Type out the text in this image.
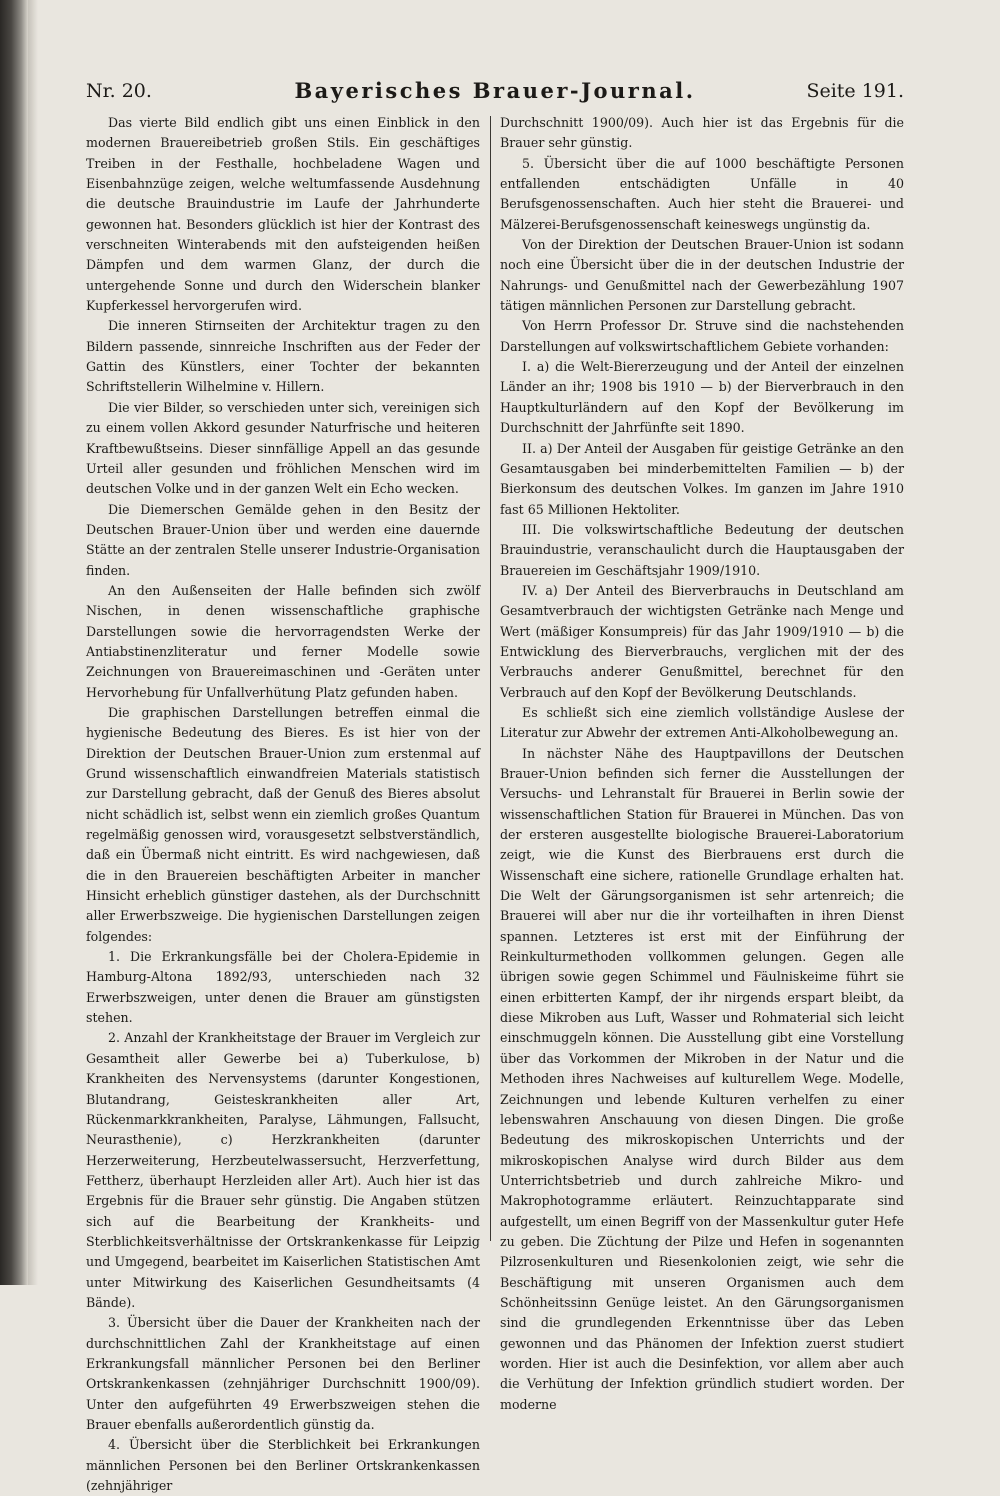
Nr. 20.	Bayerisches Brauer-Journal.	Seite 191.

Das vierte Bild endlich gibt uns einen Einblick in den modernen Brauereibetrieb großen Stils. Ein geschäftiges Treiben in der Festhalle, hochbeladene Wagen und Eisenbahnzüge zeigen, welche weltumfassende Ausdehnung die deutsche Brauindustrie im Laufe der Jahrhunderte gewonnen hat. Besonders glücklich ist hier der Kontrast des verschneiten Winterabends mit den aufsteigenden heißen Dämpfen und dem warmen Glanz, der durch die untergehende Sonne und durch den Widerschein blanker Kupferkessel hervorgerufen wird.

Die inneren Stirnseiten der Architektur tragen zu den Bildern passende, sinnreiche Inschriften aus der Feder der Gattin des Künstlers, einer Tochter der bekannten Schriftstellerin Wilhelmine v. Hillern.

Die vier Bilder, so verschieden unter sich, vereinigen sich zu einem vollen Akkord gesunder Naturfrische und heiteren Kraftbewußtseins. Dieser sinnfällige Appell an das gesunde Urteil aller gesunden und fröhlichen Menschen wird im deutschen Volke und in der ganzen Welt ein Echo wecken.

Die Diemerschen Gemälde gehen in den Besitz der Deutschen Brauer-Union über und werden eine dauernde Stätte an der zentralen Stelle unserer Industrie-Organisation finden.

An den Außenseiten der Halle befinden sich zwölf Nischen, in denen wissenschaftliche graphische Darstellungen sowie die hervorragendsten Werke der Antiabstinenzliteratur und ferner Modelle sowie Zeichnungen von Brauereimaschinen und -Geräten unter Hervorhebung für Unfallverhütung Platz gefunden haben.

Die graphischen Darstellungen betreffen einmal die hygienische Bedeutung des Bieres. Es ist hier von der Direktion der Deutschen Brauer-Union zum erstenmal auf Grund wissenschaftlich einwandfreien Materials statistisch zur Darstellung gebracht, daß der Genuß des Bieres absolut nicht schädlich ist, selbst wenn ein ziemlich großes Quantum regelmäßig genossen wird, vorausgesetzt selbstverständlich, daß ein Übermaß nicht eintritt. Es wird nachgewiesen, daß die in den Brauereien beschäftigten Arbeiter in mancher Hinsicht erheblich günstiger dastehen, als der Durchschnitt aller Erwerbszweige. Die hygienischen Darstellungen zeigen folgendes:

1. Die Erkrankungsfälle bei der Cholera-Epidemie in Hamburg-Altona 1892/93, unterschieden nach 32 Erwerbszweigen, unter denen die Brauer am günstigsten stehen.

2. Anzahl der Krankheitstage der Brauer im Vergleich zur Gesamtheit aller Gewerbe bei a) Tuberkulose, b) Krankheiten des Nervensystems (darunter Kongestionen, Blutandrang, Geisteskrankheiten aller Art, Rückenmarkkrankheiten, Paralyse, Lähmungen, Fallsucht, Neurasthenie), c) Herzkrankheiten (darunter Herzerweiterung, Herzbeutelwassersucht, Herzverfettung, Fettherz, überhaupt Herzleiden aller Art). Auch hier ist das Ergebnis für die Brauer sehr günstig. Die Angaben stützen sich auf die Bearbeitung der Krankheits- und Sterblichkeitsverhältnisse der Ortskrankenkasse für Leipzig und Umgegend, bearbeitet im Kaiserlichen Statistischen Amt unter Mitwirkung des Kaiserlichen Gesundheitsamts (4 Bände).

3. Übersicht über die Dauer der Krankheiten nach der durchschnittlichen Zahl der Krankheitstage auf einen Erkrankungsfall männlicher Personen bei den Berliner Ortskrankenkassen (zehnjähriger Durchschnitt 1900/09). Unter den aufgeführten 49 Erwerbszweigen stehen die Brauer ebenfalls außerordentlich günstig da.

4. Übersicht über die Sterblichkeit bei Erkrankungen männlichen Personen bei den Berliner Ortskrankenkassen (zehnjähriger

Durchschnitt 1900/09). Auch hier ist das Ergebnis für die Brauer sehr günstig.

5. Übersicht über die auf 1000 beschäftigte Personen entfallenden entschädigten Unfälle in 40 Berufsgenossenschaften. Auch hier steht die Brauerei- und Mälzerei-Berufsgenossenschaft keineswegs ungünstig da.

Von der Direktion der Deutschen Brauer-Union ist sodann noch eine Übersicht über die in der deutschen Industrie der Nahrungs- und Genußmittel nach der Gewerbezählung 1907 tätigen männlichen Personen zur Darstellung gebracht.

Von Herrn Professor Dr. Struve sind die nachstehenden Darstellungen auf volkswirtschaftlichem Gebiete vorhanden:

I. a) die Welt-Biererzeugung und der Anteil der einzelnen Länder an ihr; 1908 bis 1910 — b) der Bierverbrauch in den Hauptkulturländern auf den Kopf der Bevölkerung im Durchschnitt der Jahrfünfte seit 1890.

II. a) Der Anteil der Ausgaben für geistige Getränke an den Gesamtausgaben bei minderbemittelten Familien — b) der Bierkonsum des deutschen Volkes. Im ganzen im Jahre 1910 fast 65 Millionen Hektoliter.

III. Die volkswirtschaftliche Bedeutung der deutschen Brauindustrie, veranschaulicht durch die Hauptausgaben der Brauereien im Geschäftsjahr 1909/1910.

IV. a) Der Anteil des Bierverbrauchs in Deutschland am Gesamtverbrauch der wichtigsten Getränke nach Menge und Wert (mäßiger Konsumpreis) für das Jahr 1909/1910 — b) die Entwicklung des Bierverbrauchs, verglichen mit der des Verbrauchs anderer Genußmittel, berechnet für den Verbrauch auf den Kopf der Bevölkerung Deutschlands.

Es schließt sich eine ziemlich vollständige Auslese der Literatur zur Abwehr der extremen Anti-Alkoholbewegung an.

In nächster Nähe des Hauptpavillons der Deutschen Brauer-Union befinden sich ferner die Ausstellungen der Versuchs- und Lehranstalt für Brauerei in Berlin sowie der wissenschaftlichen Station für Brauerei in München. Das von der ersteren ausgestellte biologische Brauerei-Laboratorium zeigt, wie die Kunst des Bierbrauens erst durch die Wissenschaft eine sichere, rationelle Grundlage erhalten hat. Die Welt der Gärungsorganismen ist sehr artenreich; die Brauerei will aber nur die ihr vorteilhaften in ihren Dienst spannen. Letzteres ist erst mit der Einführung der Reinkulturmethoden vollkommen gelungen. Gegen alle übrigen sowie gegen Schimmel und Fäulniskeime führt sie einen erbitterten Kampf, der ihr nirgends erspart bleibt, da diese Mikroben aus Luft, Wasser und Rohmaterial sich leicht einschmuggeln können. Die Ausstellung gibt eine Vorstellung über das Vorkommen der Mikroben in der Natur und die Methoden ihres Nachweises auf kulturellem Wege. Modelle, Zeichnungen und lebende Kulturen verhelfen zu einer lebenswahren Anschauung von diesen Dingen. Die große Bedeutung des mikroskopischen Unterrichts und der mikroskopischen Analyse wird durch Bilder aus dem Unterrichtsbetrieb und durch zahlreiche Mikro- und Makrophotogramme erläutert. Reinzuchtapparate sind aufgestellt, um einen Begriff von der Massenkultur guter Hefe zu geben. Die Züchtung der Pilze und Hefen in sogenannten Pilzrosenkulturen und Riesenkolonien zeigt, wie sehr die Beschäftigung mit unseren Organismen auch dem Schönheitssinn Genüge leistet. An den Gärungsorganismen sind die grundlegenden Erkenntnisse über das Leben gewonnen und das Phänomen der Infektion zuerst studiert worden. Hier ist auch die Desinfektion, vor allem aber auch die Verhütung der Infektion gründlich studiert worden. Der moderne
